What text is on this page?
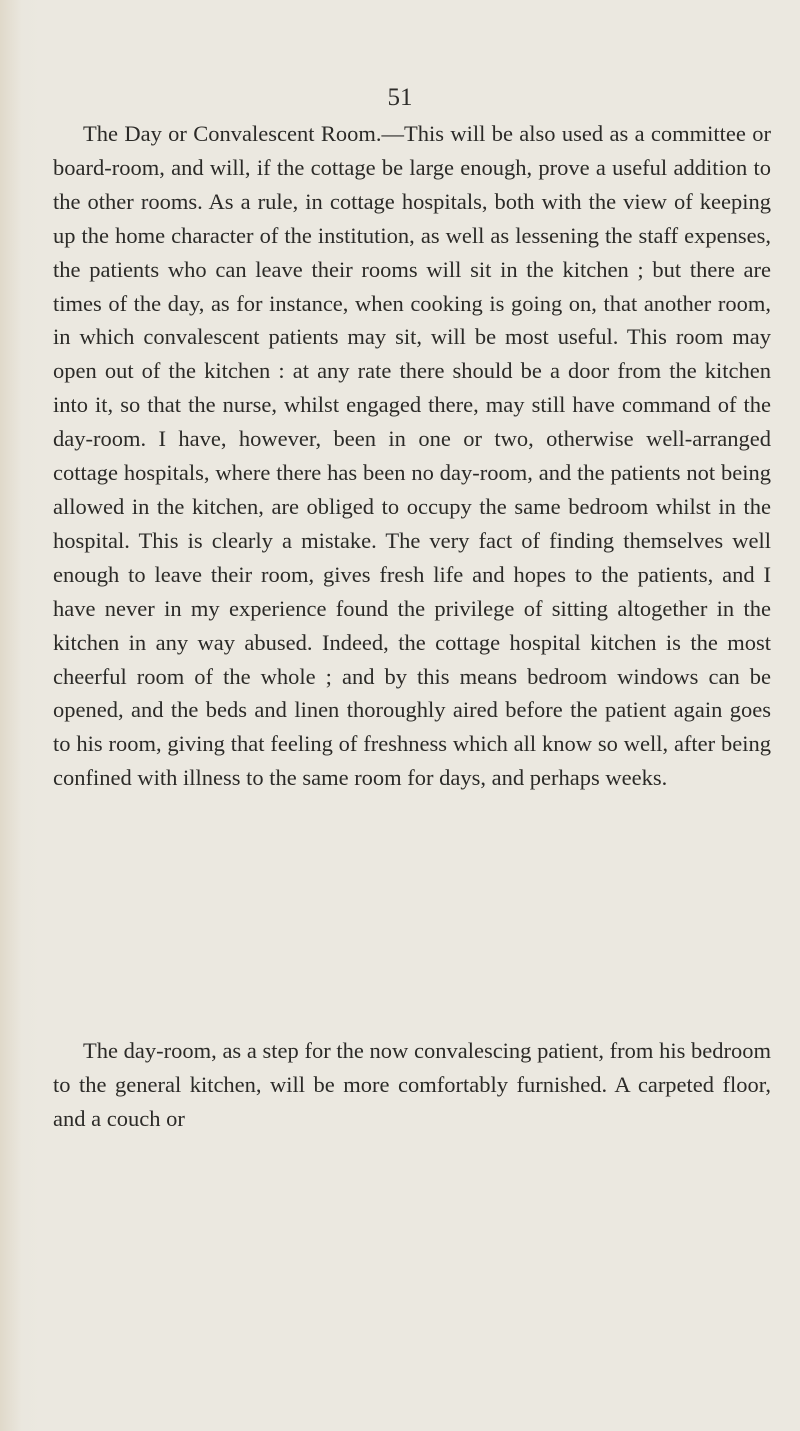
51

The Day or Convalescent Room.—This will be also used as a committee or board-room, and will, if the cottage be large enough, prove a useful addition to the other rooms. As a rule, in cottage hospitals, both with the view of keeping up the home character of the institution, as well as lessening the staff expenses, the patients who can leave their rooms will sit in the kitchen ; but there are times of the day, as for instance, when cooking is going on, that another room, in which convalescent patients may sit, will be most useful. This room may open out of the kitchen : at any rate there should be a door from the kitchen into it, so that the nurse, whilst engaged there, may still have command of the day-room. I have, however, been in one or two, otherwise well-arranged cottage hospitals, where there has been no day-room, and the patients not being allowed in the kitchen, are obliged to occupy the same bedroom whilst in the hospital. This is clearly a mistake. The very fact of finding themselves well enough to leave their room, gives fresh life and hopes to the patients, and I have never in my experience found the privilege of sitting altogether in the kitchen in any way abused. Indeed, the cottage hospital kitchen is the most cheerful room of the whole ; and by this means bedroom windows can be opened, and the beds and linen thoroughly aired before the patient again goes to his room, giving that feeling of freshness which all know so well, after being confined with illness to the same room for days, and perhaps weeks.

The day-room, as a step for the now convalescing patient, from his bedroom to the general kitchen, will be more comfortably furnished. A carpeted floor, and a couch or
